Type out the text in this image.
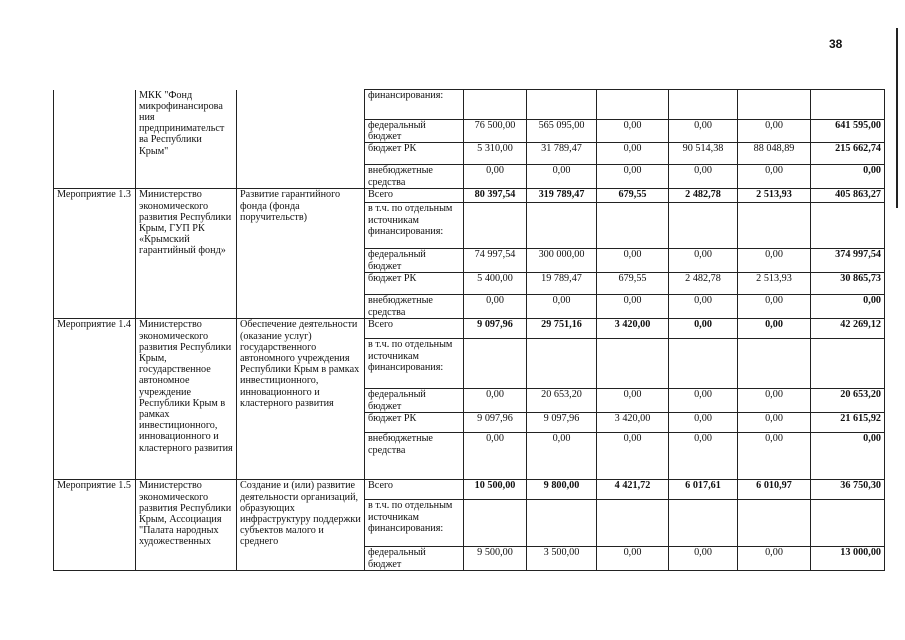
38
	МКК "Фонд микрофинансирова ния предпринимательст ва Республики Крым"		финансирования:						
			федеральный бюджет	76 500,00	565 095,00	0,00	0,00	0,00	641 595,00
			бюджет РК	5 310,00	31 789,47	0,00	90 514,38	88 048,89	215 662,74
			внебюджетные средства	0,00	0,00	0,00	0,00	0,00	0,00
Мероприятие 1.3	Министерство экономического развития Республики Крым, ГУП РК «Крымский гарантийный фонд»	Развитие гарантийного фонда (фонда поручительств)	Всего	80 397,54	319 789,47	679,55	2 482,78	2 513,93	405 863,27
			в т.ч. по отдельным источникам финансирования:						
			федеральный бюджет	74 997,54	300 000,00	0,00	0,00	0,00	374 997,54
			бюджет РК	5 400,00	19 789,47	679,55	2 482,78	2 513,93	30 865,73
			внебюджетные средства	0,00	0,00	0,00	0,00	0,00	0,00
Мероприятие 1.4	Министерство экономического развития Республики Крым, государственное автономное учреждение Республики Крым в рамках инвестиционного, инновационного и кластерного развития	Обеспечение деятельности (оказание услуг) государственного автономного учреждения Республики Крым в рамках инвестиционного, инновационного и кластерного развития	Всего	9 097,96	29 751,16	3 420,00	0,00	0,00	42 269,12
			в т.ч. по отдельным источникам финансирования:						
			федеральный бюджет	0,00	20 653,20	0,00	0,00	0,00	20 653,20
			бюджет РК	9 097,96	9 097,96	3 420,00	0,00	0,00	21 615,92
			внебюджетные средства	0,00	0,00	0,00	0,00	0,00	0,00
Мероприятие 1.5	Министерство экономического развития Республики Крым, Ассоциация "Палата народных художественных	Создание и (или) развитие деятельности организаций, образующих инфраструктуру поддержки субъектов малого и среднего	Всего	10 500,00	9 800,00	4 421,72	6 017,61	6 010,97	36 750,30
			в т.ч. по отдельным источникам финансирования:						
			федеральный бюджет	9 500,00	3 500,00	0,00	0,00	0,00	13 000,00
